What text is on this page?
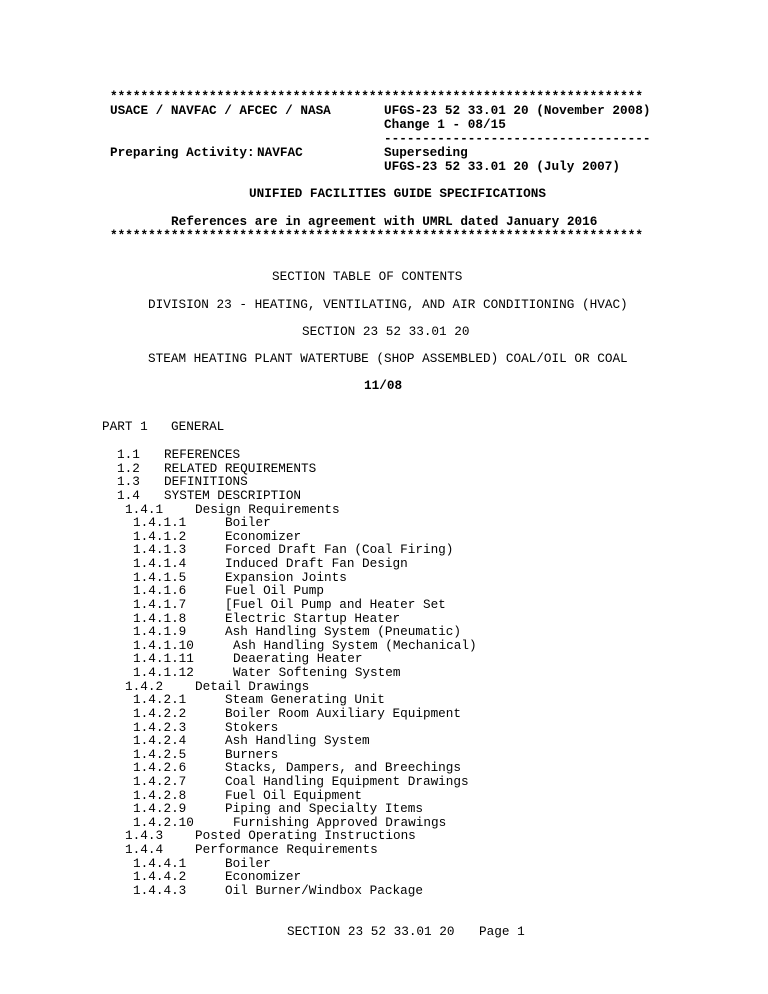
**********************************************************************
USACE / NAVFAC / AFCEC / NASA	UFGS-23 52 33.01 20 (November 2008)
Change 1 - 08/15
-----------------------------------
Preparing Activity: NAVFAC	Superseding
UFGS-23 52 33.01 20 (July 2007)
UNIFIED FACILITIES GUIDE SPECIFICATIONS
References are in agreement with UMRL dated January 2016
**********************************************************************
SECTION TABLE OF CONTENTS
DIVISION 23 - HEATING, VENTILATING, AND AIR CONDITIONING (HVAC)
SECTION 23 52 33.01 20
STEAM HEATING PLANT WATERTUBE (SHOP ASSEMBLED) COAL/OIL OR COAL
11/08
PART 1 GENERAL
1.1 REFERENCES
1.2 RELATED REQUIREMENTS
1.3 DEFINITIONS
1.4 SYSTEM DESCRIPTION
1.4.1	Design Requirements
1.4.1.1	Boiler
1.4.1.2	Economizer
1.4.1.3	Forced Draft Fan (Coal Firing)
1.4.1.4	Induced Draft Fan Design
1.4.1.5	Expansion Joints
1.4.1.6	Fuel Oil Pump
1.4.1.7	[Fuel Oil Pump and Heater Set
1.4.1.8	Electric Startup Heater
1.4.1.9	Ash Handling System (Pneumatic)
1.4.1.10	Ash Handling System (Mechanical)
1.4.1.11	Deaerating Heater
1.4.1.12	Water Softening System
1.4.2	Detail Drawings
1.4.2.1	Steam Generating Unit
1.4.2.2	Boiler Room Auxiliary Equipment
1.4.2.3	Stokers
1.4.2.4	Ash Handling System
1.4.2.5	Burners
1.4.2.6	Stacks, Dampers, and Breechings
1.4.2.7	Coal Handling Equipment Drawings
1.4.2.8	Fuel Oil Equipment
1.4.2.9	Piping and Specialty Items
1.4.2.10	Furnishing Approved Drawings
1.4.3	Posted Operating Instructions
1.4.4	Performance Requirements
1.4.4.1	Boiler
1.4.4.2	Economizer
1.4.4.3	Oil Burner/Windbox Package
SECTION 23 52 33.01 20 Page 1
